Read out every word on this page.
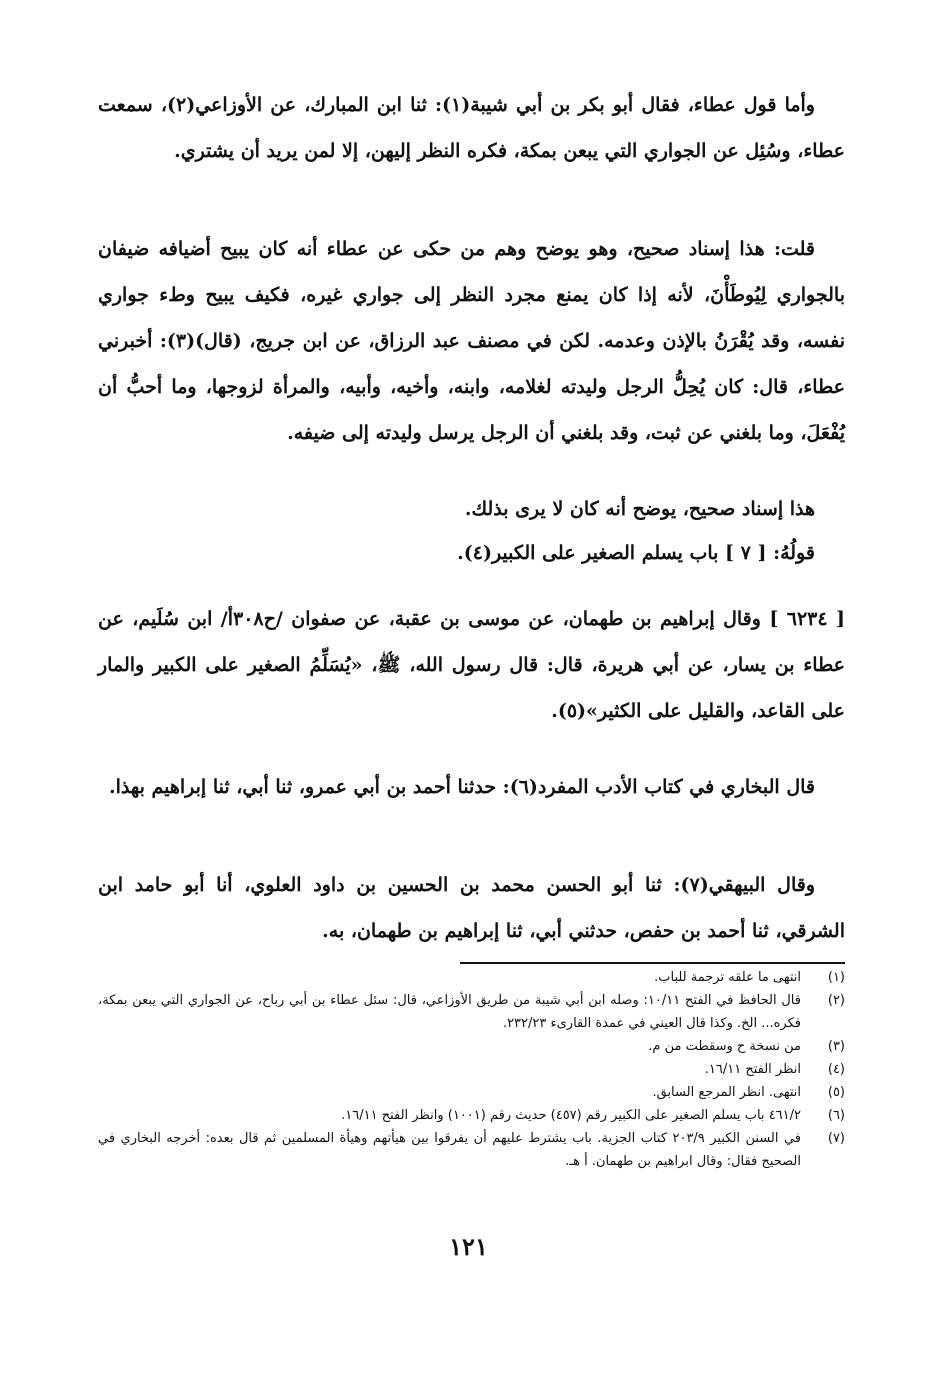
وأما قول عطاء، فقال أبو بكر بن أبي شيبة(١): ثنا ابن المبارك، عن الأوزاعي(٢)، سمعت عطاء، وسُئِل عن الجواري التي يبعن بمكة، فكره النظر إليهن، إلا لمن يريد أن يشتري.

قلت: هذا إسناد صحيح، وهو يوضح وهم من حكى عن عطاء أنه كان يبيح أضيافه ضيفان بالجواري لِيُوطَأْنَ، لأنه إذا كان يمنع مجرد النظر إلى جواري غيره، فكيف يبيح وطء جواري نفسه، وقد يُقْرَنُ بالإذن وعدمه. لكن في مصنف عبد الرزاق، عن ابن جريج، (قال)(٣): أخبرني عطاء، قال: كان يُحِلُّ الرجل وليدته لغلامه، وابنه، وأخيه، وأبيه، والمرأة لزوجها، وما أحبُّ أن يُفْعَلَ، وما بلغني عن ثبت، وقد بلغني أن الرجل يرسل وليدته إلى ضيفه.

هذا إسناد صحيح، يوضح أنه كان لا يرى بذلك.

قولُهُ: [ ٧ ] باب يسلم الصغير على الكبير(٤).

[ ٦٢٣٤ ] وقال إبراهيم بن طهمان، عن موسى بن عقبة، عن صفوان /ح٣٠٨أ/ ابن سُلَيم، عن عطاء بن يسار، عن أبي هريرة، قال: قال رسول الله، ﷺ، «يُسَلِّمُ الصغير على الكبير والمار على القاعد، والقليل على الكثير»(٥).

قال البخاري في كتاب الأدب المفرد(٦): حدثنا أحمد بن أبي عمرو، ثنا أبي، ثنا إبراهيم بهذا.

وقال البيهقي(٧): ثنا أبو الحسن محمد بن الحسين بن داود العلوي، أنا أبو حامد ابن الشرقي، ثنا أحمد بن حفص، حدثني أبي، ثنا إبراهيم بن طهمان، به.

(١)
انتهى ما علقه ترجمة للباب.
(٢)
قال الحافظ في الفتح ١٠/١١: وصله ابن أبي شيبة من طريق الأوزاعي، قال: سئل عطاء بن أبي رباح، عن الجواري التي يبعن بمكة، فكره... الخ. وكذا قال العيني في عمدة القارىء ٢٣٢/٢٣.
(٣)
من نسخة ح وسقطت من م.
(٤)
انظر الفتح ١٦/١١.
(٥)
انتهى. انظر المرجع السابق.
(٦)
٤٦١/٢ باب يسلم الصغير على الكبير رقم (٤٥٧) حديث رقم (١٠٠١) وانظر الفتح ١٦/١١.
(٧)
في السنن الكبير ٢٠٣/٩ كتاب الجزية. باب يشترط عليهم أن يفرقوا بين هيأتهم وهيأة المسلمين ثم قال بعده: أخرجه البخاري في الصحيح فقال: وقال ابراهيم بن طهمان. أ هـ.
١٢١
